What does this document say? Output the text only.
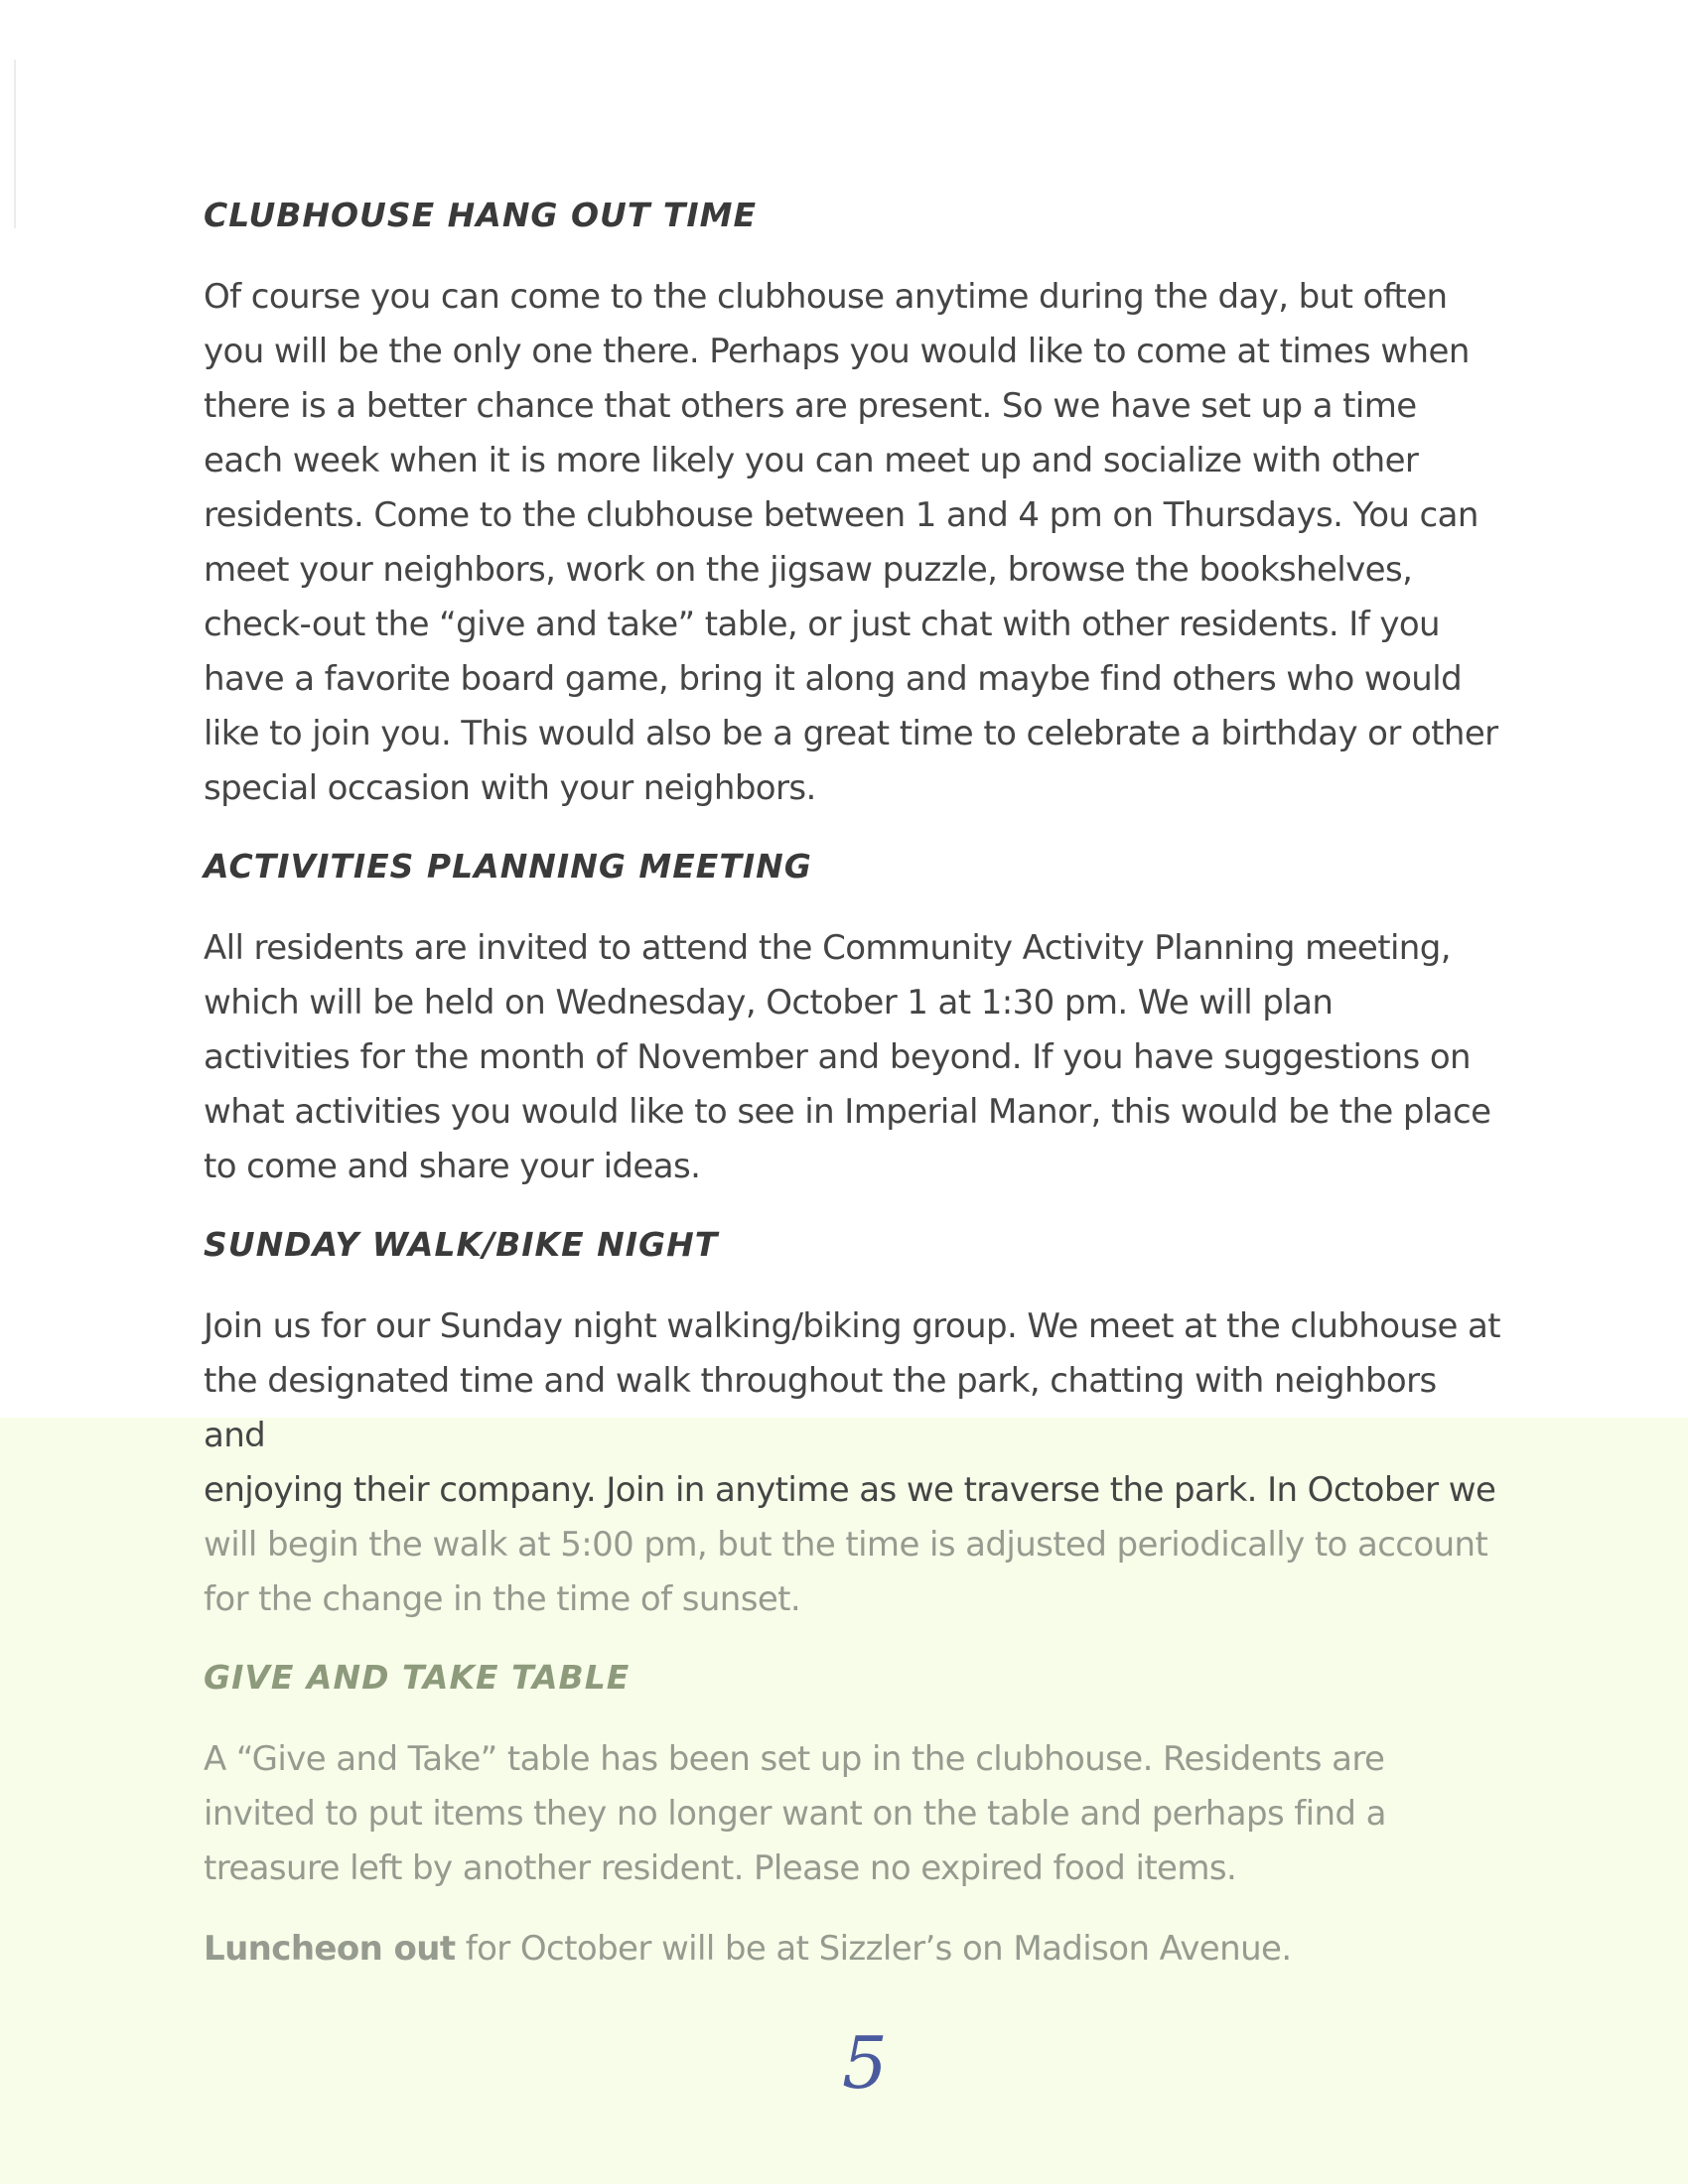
CLUBHOUSE HANG OUT TIME
Of course you can come to the clubhouse anytime during the day, but often
you will be the only one there. Perhaps you would like to come at times when
there is a better chance that others are present. So we have set up a time
each week when it is more likely you can meet up and socialize with other
residents. Come to the clubhouse between 1 and 4 pm on Thursdays. You can
meet your neighbors, work on the jigsaw puzzle, browse the bookshelves,
check-out the “give and take” table, or just chat with other residents. If you
have a favorite board game, bring it along and maybe find others who would
like to join you. This would also be a great time to celebrate a birthday or other
special occasion with your neighbors.
ACTIVITIES PLANNING MEETING
All residents are invited to attend the Community Activity Planning meeting,
which will be held on Wednesday, October 1 at 1:30 pm. We will plan
activities for the month of November and beyond. If you have suggestions on
what activities you would like to see in Imperial Manor, this would be the place
to come and share your ideas.
SUNDAY WALK/BIKE NIGHT
Join us for our Sunday night walking/biking group. We meet at the clubhouse at
the designated time and walk throughout the park, chatting with neighbors and
enjoying their company. Join in anytime as we traverse the park. In October we
will begin the walk at 5:00 pm, but the time is adjusted periodically to account
for the change in the time of sunset.
GIVE AND TAKE TABLE
A “Give and Take” table has been set up in the clubhouse. Residents are
invited to put items they no longer want on the table and perhaps find a
treasure left by another resident. Please no expired food items.
Luncheon out for October will be at Sizzler’s on Madison Avenue.
5
